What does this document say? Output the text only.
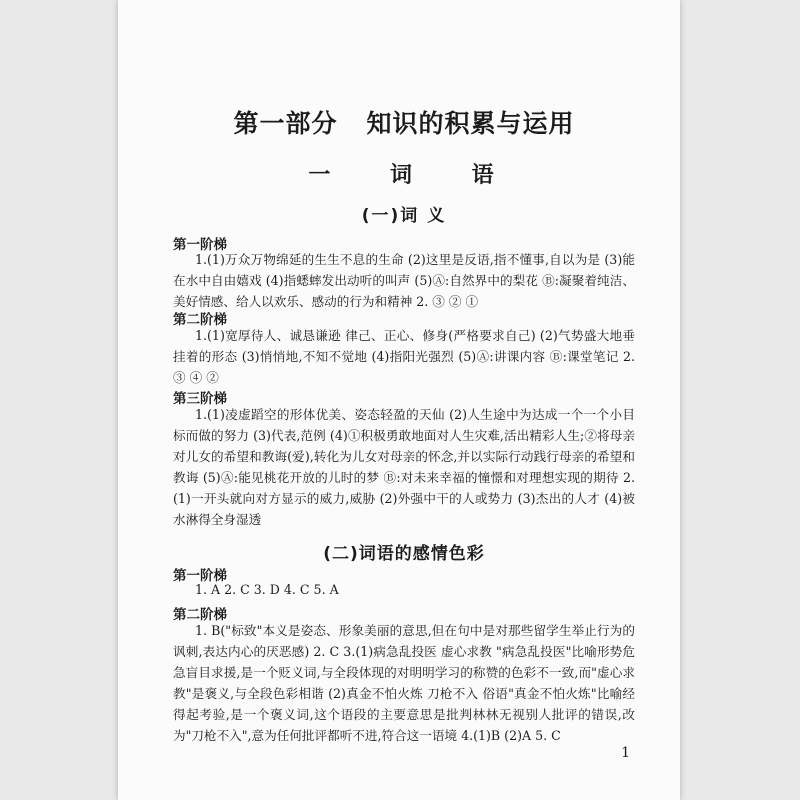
第一部分   知识的积累与运用
一 词 语
(一)词 义
第一阶梯
1.(1)万众万物绵延的生生不息的生命 (2)这里是反语,指不懂事,自以为是 (3)能在水中自由嬉戏 (4)指蟋蟀发出动听的叫声 (5)Ⓐ:自然界中的梨花 Ⓑ:凝聚着纯洁、美好情感、给人以欢乐、感动的行为和精神 2. ③ ② ①
第二阶梯
1.(1)宽厚待人、诚恳谦逊 律己、正心、修身(严格要求自己) (2)气势盛大地垂挂着的形态 (3)悄悄地,不知不觉地 (4)指阳光强烈 (5)Ⓐ:讲课内容 Ⓑ:课堂笔记 2. ③ ④ ②
第三阶梯
1.(1)凌虚蹈空的形体优美、姿态轻盈的天仙 (2)人生途中为达成一个一个小目标而做的努力 (3)代表,范例 (4)①积极勇敢地面对人生灾难,活出精彩人生;②将母亲对儿女的希望和教诲(爱),转化为儿女对母亲的怀念,并以实际行动践行母亲的希望和教诲 (5)Ⓐ:能见桃花开放的儿时的梦 Ⓑ:对未来幸福的憧憬和对理想实现的期待 2.(1)一开头就向对方显示的威力,威胁 (2)外强中干的人或势力 (3)杰出的人才 (4)被水淋得全身湿透
(二)词语的感情色彩
第一阶梯
1. A 2. C 3. D 4. C 5. A
第二阶梯
1. B("标致"本义是姿态、形象美丽的意思,但在句中是对那些留学生举止行为的讽刺,表达内心的厌恶感) 2. C 3.(1)病急乱投医 虚心求教 "病急乱投医"比喻形势危急盲目求援,是一个贬义词,与全段体现的对明明学习的称赞的色彩不一致,而"虚心求教"是褒义,与全段色彩相谐 (2)真金不怕火炼 刀枪不入 俗语"真金不怕火炼"比喻经得起考验,是一个褒义词,这个语段的主要意思是批判林林无视别人批评的错误,改为"刀枪不入",意为任何批评都听不进,符合这一语境 4.(1)B (2)A 5. C
1
